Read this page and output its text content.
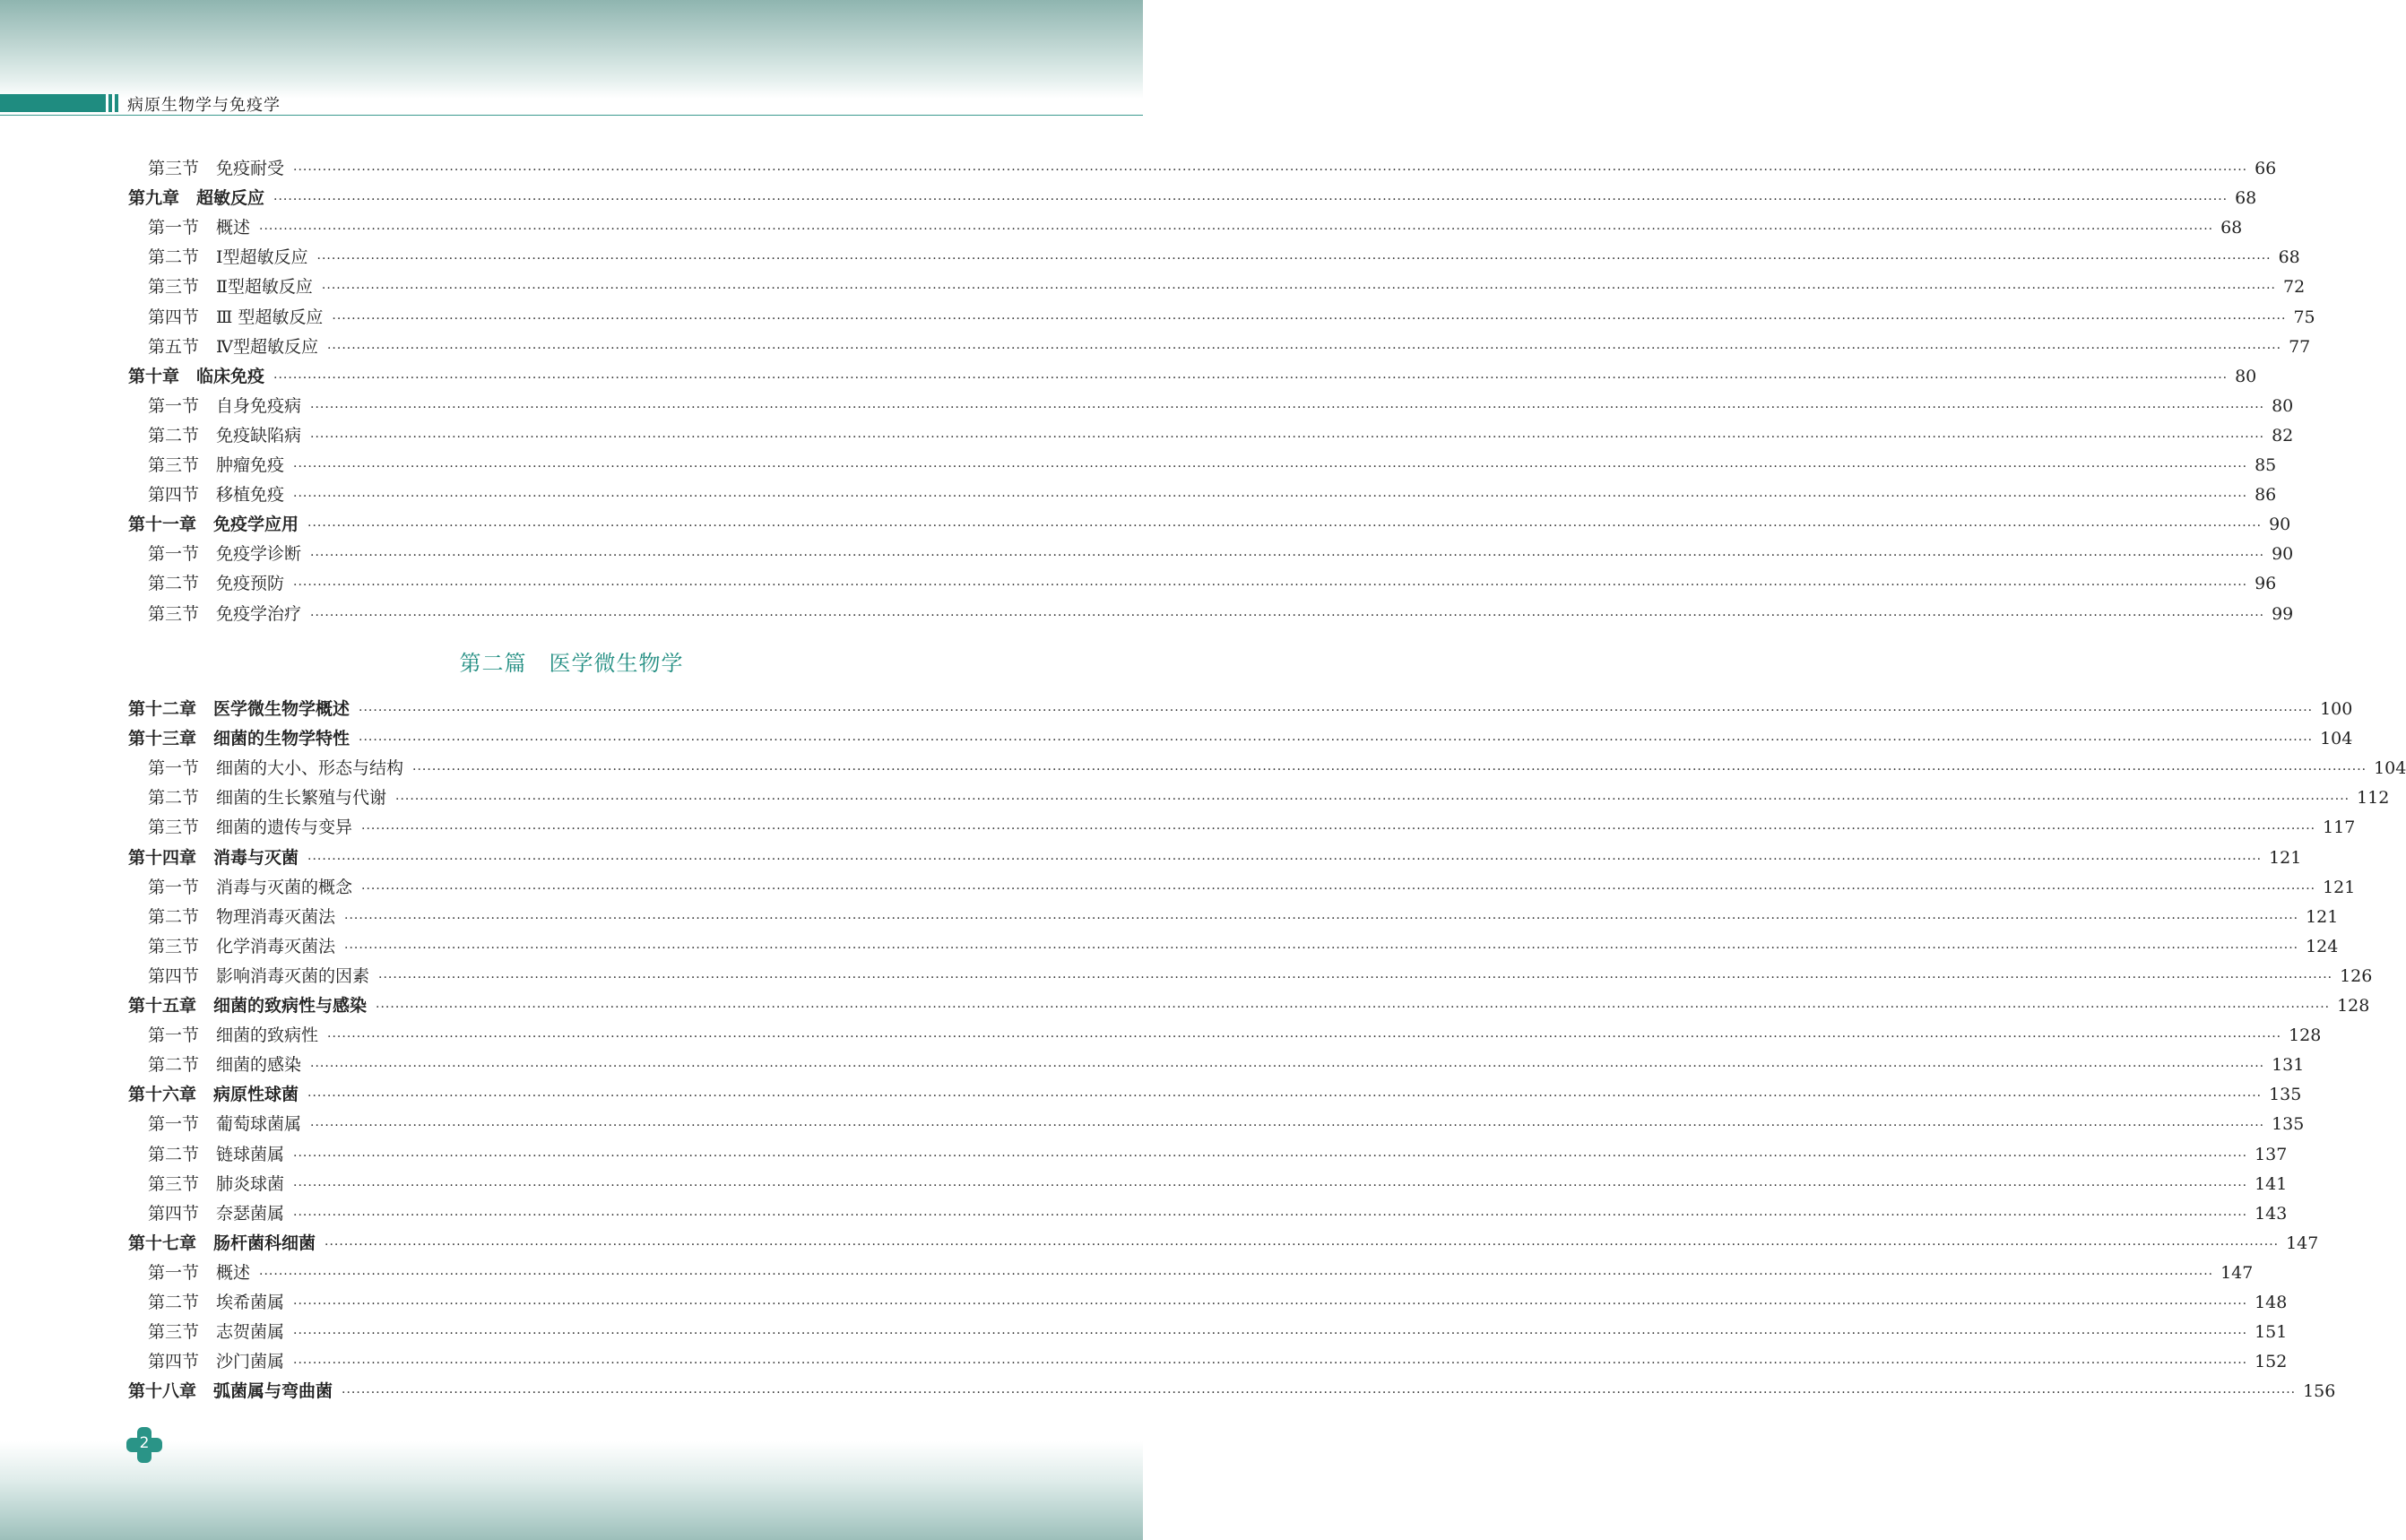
病原生物学与免疫学
第三节　免疫耐受 ················································································································································································································································································································································································································ 66
第九章　超敏反应 ················································································································································································································································································································································································································ 68
第一节　概述 ················································································································································································································································································································································································································ 68
第二节　Ⅰ型超敏反应 ················································································································································································································································································································································································································ 68
第三节　Ⅱ型超敏反应 ················································································································································································································································································································································································································ 72
第四节　Ⅲ 型超敏反应 ················································································································································································································································································································································································································ 75
第五节　Ⅳ型超敏反应 ················································································································································································································································································································································································································ 77
第十章　临床免疫 ················································································································································································································································································································································································································ 80
第一节　自身免疫病 ················································································································································································································································································································································································································ 80
第二节　免疫缺陷病 ················································································································································································································································································································································································································ 82
第三节　肿瘤免疫 ················································································································································································································································································································································································································ 85
第四节　移植免疫 ················································································································································································································································································································································································································ 86
第十一章　免疫学应用 ················································································································································································································································································································································································································ 90
第一节　免疫学诊断 ················································································································································································································································································································································································································ 90
第二节　免疫预防 ················································································································································································································································································································································································································ 96
第三节　免疫学治疗 ················································································································································································································································································································································································································ 99
第十二章　医学微生物学概述 ················································································································································································································································································································································································································ 100
第十三章　细菌的生物学特性 ················································································································································································································································································································································································································ 104
第一节　细菌的大小、形态与结构 ················································································································································································································································································································································································································ 104
第二节　细菌的生长繁殖与代谢 ················································································································································································································································································································································································································ 112
第三节　细菌的遗传与变异 ················································································································································································································································································································································································································ 117
第十四章　消毒与灭菌 ················································································································································································································································································································································································································ 121
第一节　消毒与灭菌的概念 ················································································································································································································································································································································································································ 121
第二节　物理消毒灭菌法 ················································································································································································································································································································································································································ 121
第三节　化学消毒灭菌法 ················································································································································································································································································································································································································ 124
第四节　影响消毒灭菌的因素 ················································································································································································································································································································································································································ 126
第十五章　细菌的致病性与感染 ················································································································································································································································································································································································································ 128
第一节　细菌的致病性 ················································································································································································································································································································································································································ 128
第二节　细菌的感染 ················································································································································································································································································································································································································ 131
第十六章　病原性球菌 ················································································································································································································································································································································································································ 135
第一节　葡萄球菌属 ················································································································································································································································································································································································································ 135
第二节　链球菌属 ················································································································································································································································································································································································································ 137
第三节　肺炎球菌 ················································································································································································································································································································································································································ 141
第四节　奈瑟菌属 ················································································································································································································································································································································································································ 143
第十七章　肠杆菌科细菌 ················································································································································································································································································································································································································ 147
第一节　概述 ················································································································································································································································································································································································································ 147
第二节　埃希菌属 ················································································································································································································································································································································································································ 148
第三节　志贺菌属 ················································································································································································································································································································································································································ 151
第四节　沙门菌属 ················································································································································································································································································································································································································ 152
第十八章　弧菌属与弯曲菌 ················································································································································································································································································································································································································ 156
第二篇　医学微生物学
2
